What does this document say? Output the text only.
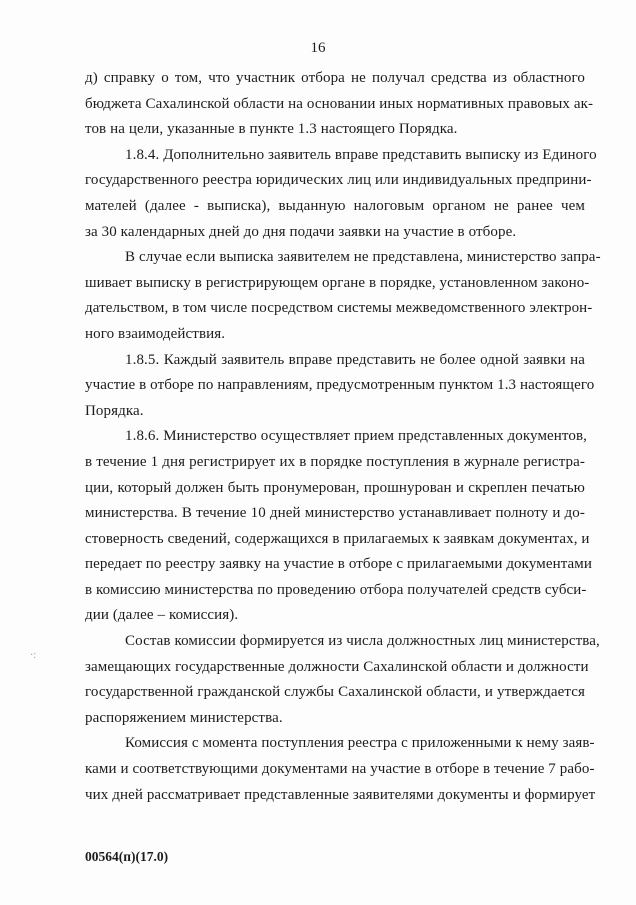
16
·:

д) справку о том, что участник отбора не получал средства из областного
бюджета Сахалинской области на основании иных нормативных правовых ак-
тов на цели, указанные в пункте 1.3 настоящего Порядка.

1.8.4. Дополнительно заявитель вправе представить выписку из Единого
государственного реестра юридических лиц или индивидуальных предприни-
мателей (далее - выписка), выданную налоговым органом не ранее чем
за 30 календарных дней до дня подачи заявки на участие в отборе.

В случае если выписка заявителем не представлена, министерство запра-
шивает выписку в регистрирующем органе в порядке, установленном законо-
дательством, в том числе посредством системы межведомственного электрон-
ного взаимодействия.

1.8.5. Каждый заявитель вправе представить не более одной заявки на
участие в отборе по направлениям, предусмотренным пунктом 1.3 настоящего
Порядка.

1.8.6. Министерство осуществляет прием представленных документов,
в течение 1 дня регистрирует их в порядке поступления в журнале регистра-
ции, который должен быть пронумерован, прошнурован и скреплен печатью
министерства. В течение 10 дней министерство устанавливает полноту и до-
стоверность сведений, содержащихся в прилагаемых к заявкам документах, и
передает по реестру заявку на участие в отборе с прилагаемыми документами
в комиссию министерства по проведению отбора получателей средств субси-
дии (далее – комиссия).

Состав комиссии формируется из числа должностных лиц министерства,
замещающих государственные должности Сахалинской области и должности
государственной гражданской службы Сахалинской области, и утверждается
распоряжением министерства.

Комиссия с момента поступления реестра с приложенными к нему заяв-
ками и соответствующими документами на участие в отборе в течение 7 рабо-
чих дней рассматривает представленные заявителями документы и формирует

00564(п)(17.0)
